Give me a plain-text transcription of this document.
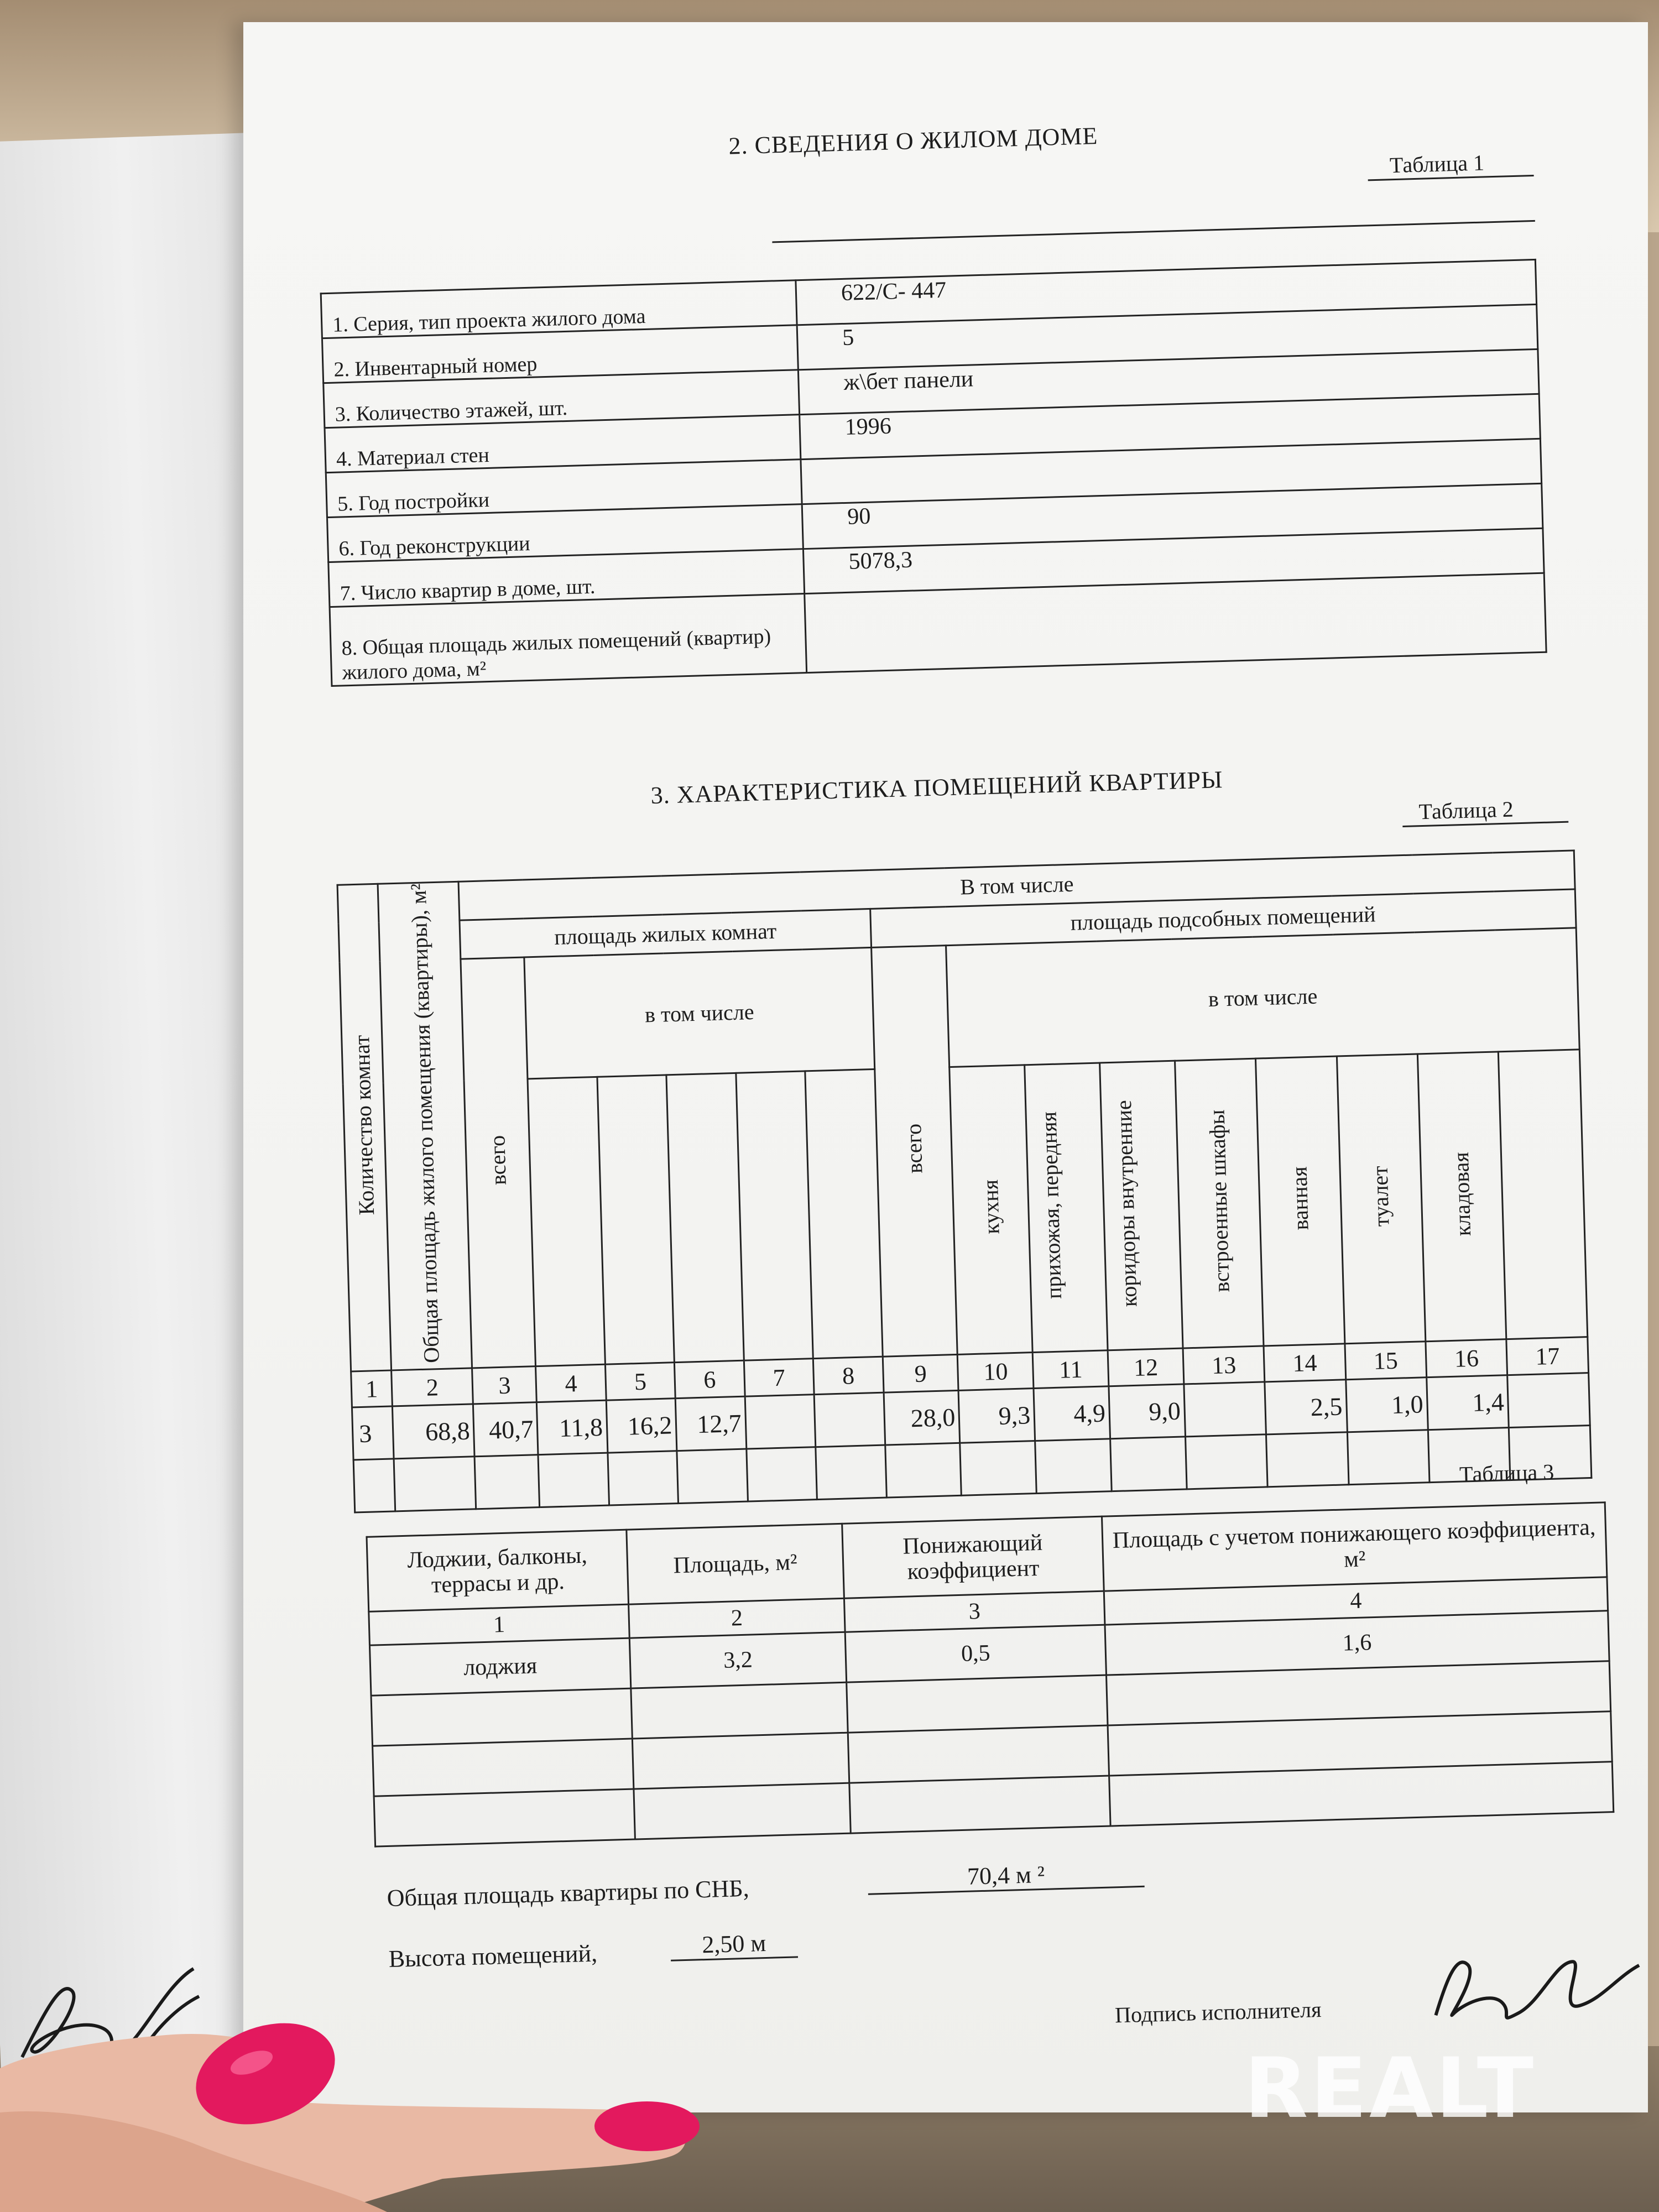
2. СВЕДЕНИЯ О ЖИЛОМ ДОМЕ
Таблица 1
1. Серия, тип проекта жилого дома	622/С- 447
2. Инвентарный номер	5
3. Количество этажей, шт.	ж\бет панели
4. Материал стен	1996
5. Год постройки	
6. Год реконструкции	90
7. Число квартир в доме, шт.	5078,3
8. Общая площадь жилых помещений (квартир) жилого дома, м²	
3. ХАРАКТЕРИСТИКА ПОМЕЩЕНИЙ КВАРТИРЫ
Таблица 2
Количество комнат	Общая площадь жилого помещения (квартиры), м²	В том числе														
		площадь жилых комнат						площадь подсобных помещений								
		всего	в том числе					всего	в том числе							
									кухня	прихожая, передняя	коридоры внутренние	встроенные шкафы	ванная	туалет	кладовая	
1	2	3	4	5	6	7	8	9	10	11	12	13	14	15	16	17
3	68,8	40,7	11,8	16,2	12,7			28,0	9,3	4,9	9,0		2,5	1,0	1,4	

Таблица 3
Лоджии, балконы, террасы и др.	Площадь, м²	Понижающий коэффициент	Площадь с учетом понижающего коэффициента, м²
1	2	3	4
лоджия	3,2	0,5	1,6

Общая площадь квартиры по СНБ,	70,4 м ²
Высота помещений,	2,50 м
Подпись исполнителя
REALT
